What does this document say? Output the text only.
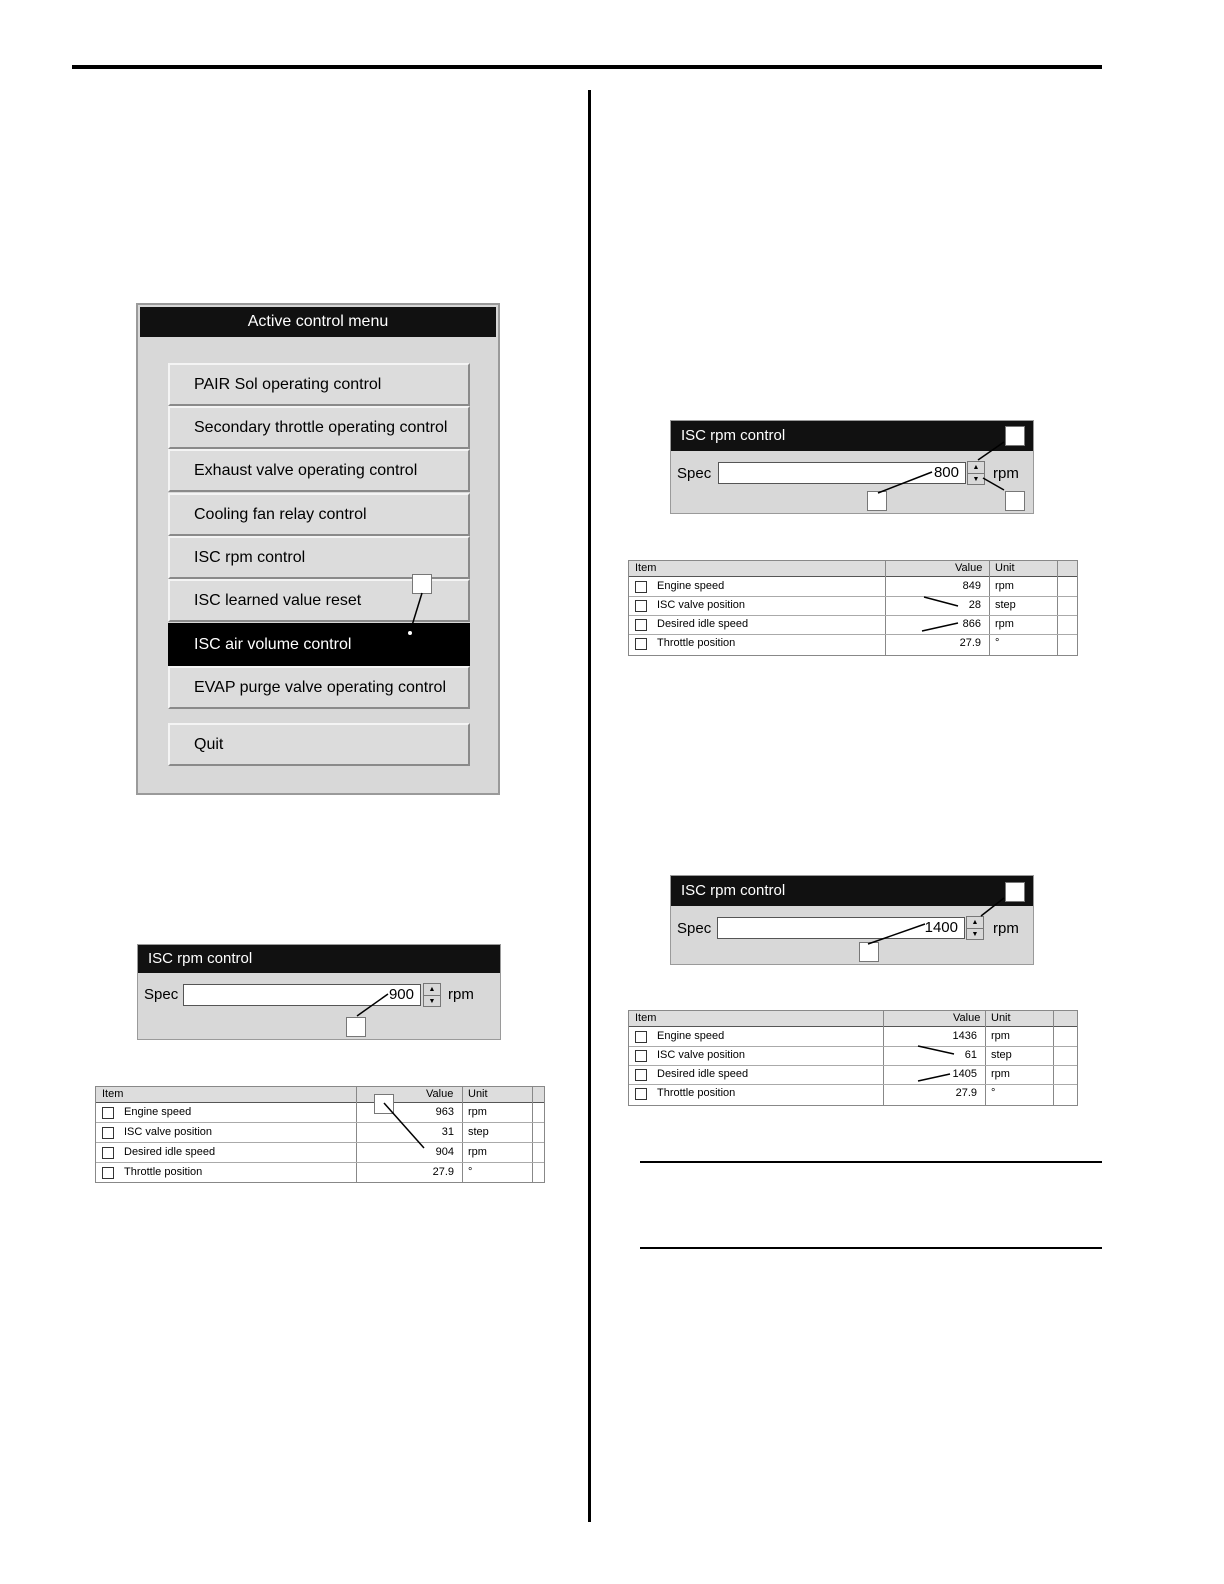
Active control menu
PAIR Sol operating control
Secondary throttle operating control
Exhaust valve operating control
Cooling fan relay control
ISC rpm control
ISC learned value reset
ISC air volume control
EVAP purge valve operating control
Quit
ISC rpm control
Spec	900	▲
▼ rpm
Item	Value Unit
Engine speed	963 rpm
ISC valve position	31 step
Desired idle speed	904 rpm
Throttle position	27.9 °
ISC rpm control
Spec	800	▲
▼ rpm
Item	Value Unit
Engine speed	849 rpm
ISC valve position	28 step
Desired idle speed	866 rpm
Throttle position	27.9 °
ISC rpm control
Spec	1400	▲
▼ rpm
Item	Value Unit
Engine speed	1436 rpm
ISC valve position	61 step
Desired idle speed	1405 rpm
Throttle position	27.9 °
